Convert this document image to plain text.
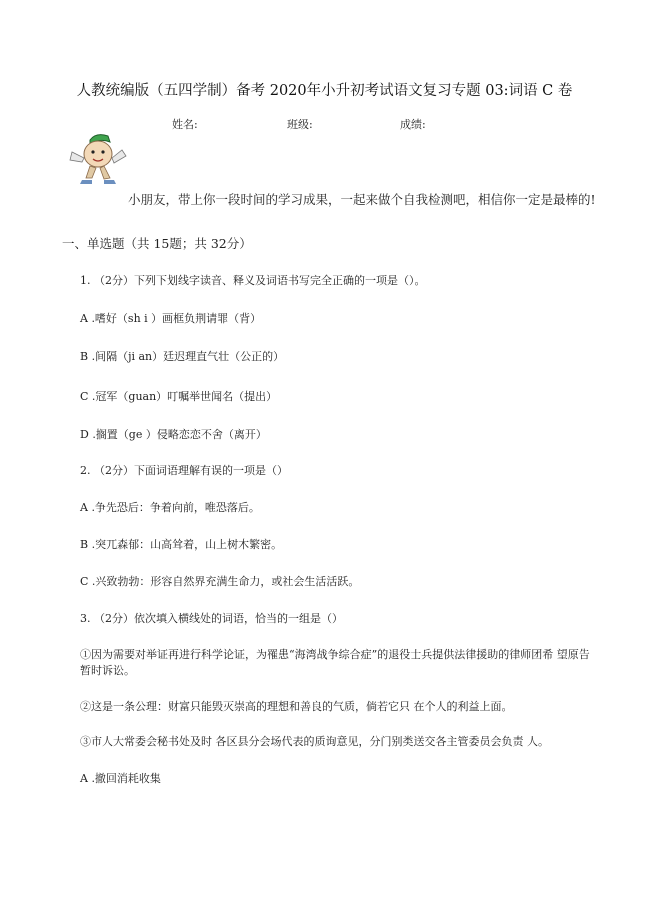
人教统编版（五四学制）备考 2020年小升初考试语文复习专题 03:词语 C 卷
姓名:	班级:	成绩:
小朋友，带上你一段时间的学习成果，一起来做个自我检测吧，相信你一定是最棒的!
一、单选题（共 15题；共 32分）
1. （2分）下列下划线字读音、释义及词语书写完全正确的一项是（）。
A .嗜好（sh i ）画框负荆请罪（背）
B .间隔（ji an）廷迟理直气壮（公正的）
C .冠军（guan）叮嘱举世闻名（提出）
D .搁置（ge ）侵略恋恋不舍（离开）
2. （2分）下面词语理解有误的一项是（）
A .争先恐后：争着向前，唯恐落后。
B .突兀森郁：山高耸着，山上树木繁密。
C .兴致勃勃：形容自然界充满生命力，或社会生活活跃。
3. （2分）依次填入横线处的词语，恰当的一组是（）
①因为需要对举证再进行科学论证，为罹患“海湾战争综合症”的退役士兵提供法律援助的律师团希 望原告暂时诉讼。
②这是一条公理：财富只能毁灭崇高的理想和善良的气质，倘若它只 在个人的利益上面。
③市人大常委会秘书处及时 各区县分会场代表的质询意见，分门别类送交各主管委员会负责 人。
A .撤回消耗收集
